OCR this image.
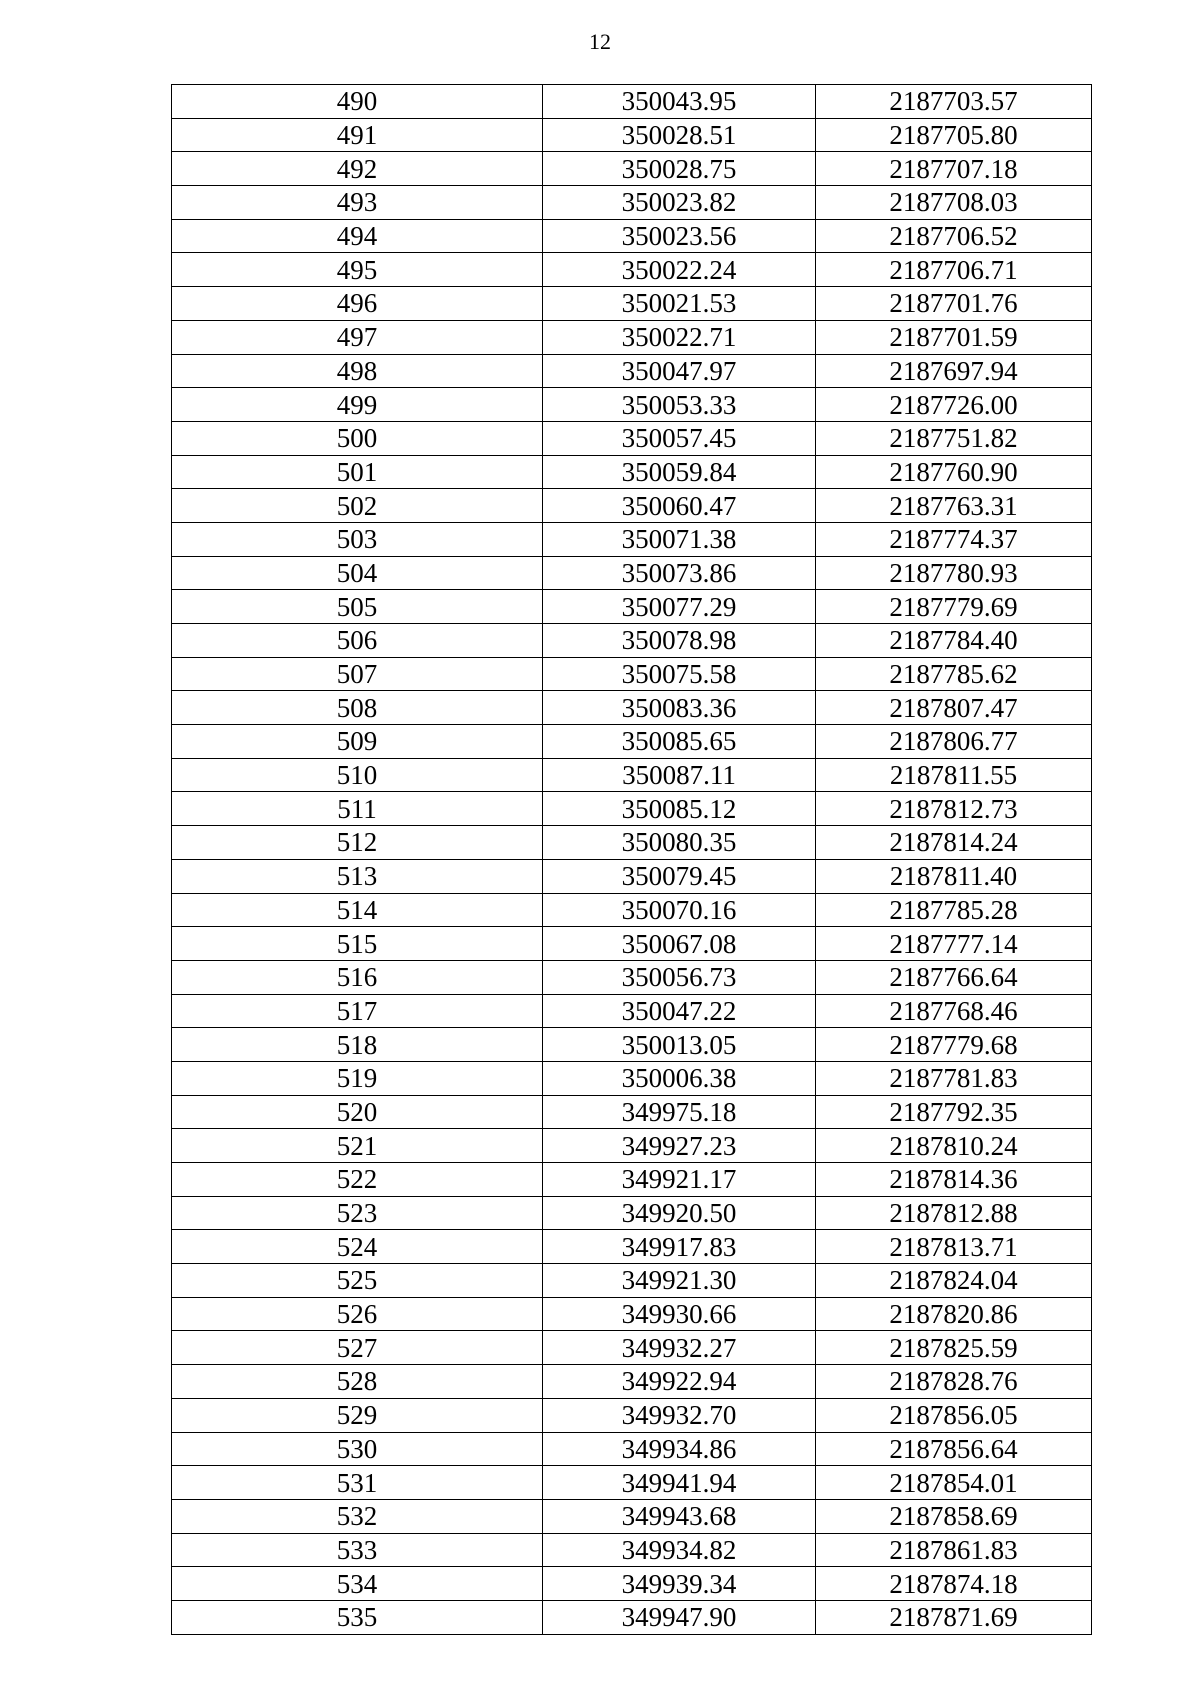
12
490	350043.95	2187703.57
491	350028.51	2187705.80
492	350028.75	2187707.18
493	350023.82	2187708.03
494	350023.56	2187706.52
495	350022.24	2187706.71
496	350021.53	2187701.76
497	350022.71	2187701.59
498	350047.97	2187697.94
499	350053.33	2187726.00
500	350057.45	2187751.82
501	350059.84	2187760.90
502	350060.47	2187763.31
503	350071.38	2187774.37
504	350073.86	2187780.93
505	350077.29	2187779.69
506	350078.98	2187784.40
507	350075.58	2187785.62
508	350083.36	2187807.47
509	350085.65	2187806.77
510	350087.11	2187811.55
511	350085.12	2187812.73
512	350080.35	2187814.24
513	350079.45	2187811.40
514	350070.16	2187785.28
515	350067.08	2187777.14
516	350056.73	2187766.64
517	350047.22	2187768.46
518	350013.05	2187779.68
519	350006.38	2187781.83
520	349975.18	2187792.35
521	349927.23	2187810.24
522	349921.17	2187814.36
523	349920.50	2187812.88
524	349917.83	2187813.71
525	349921.30	2187824.04
526	349930.66	2187820.86
527	349932.27	2187825.59
528	349922.94	2187828.76
529	349932.70	2187856.05
530	349934.86	2187856.64
531	349941.94	2187854.01
532	349943.68	2187858.69
533	349934.82	2187861.83
534	349939.34	2187874.18
535	349947.90	2187871.69
